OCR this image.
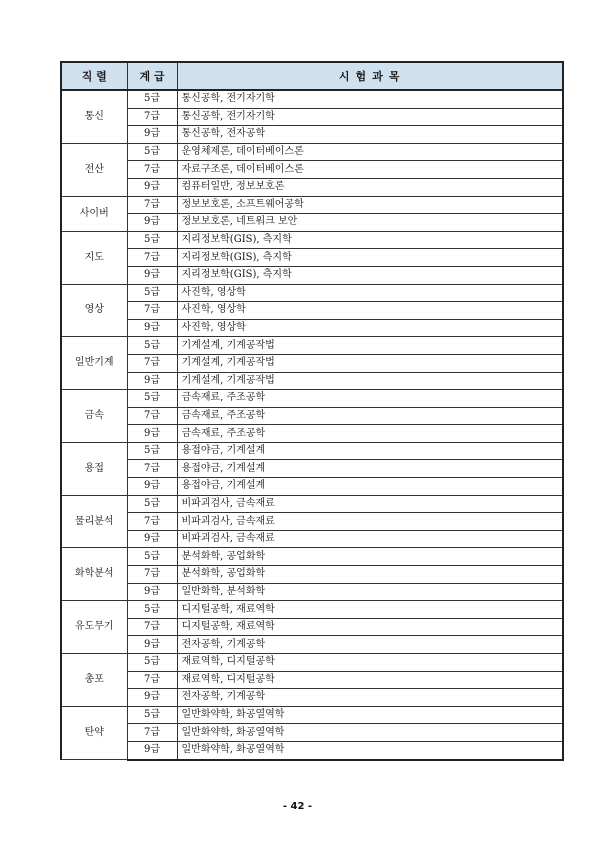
직 렬	계 급	시 험 과 목
통신	5급	통신공학, 전기자기학
	7급	통신공학, 전기자기학
	9급	통신공학, 전자공학
전산	5급	운영체제론, 데이터베이스론
	7급	자료구조론, 데이터베이스론
	9급	컴퓨터일반, 정보보호론
사이버	7급	정보보호론, 소프트웨어공학
	9급	정보보호론, 네트워크 보안
지도	5급	지리정보학(GIS), 측지학
	7급	지리정보학(GIS), 측지학
	9급	지리정보학(GIS), 측지학
영상	5급	사진학, 영상학
	7급	사진학, 영상학
	9급	사진학, 영상학
일반기계	5급	기계설계, 기계공작법
	7급	기계설계, 기계공작법
	9급	기계설계, 기계공작법
금속	5급	금속재료, 주조공학
	7급	금속재료, 주조공학
	9급	금속재료, 주조공학
용접	5급	용접야금, 기계설계
	7급	용접야금, 기계설계
	9급	용접야금, 기계설계
물리분석	5급	비파괴검사, 금속재료
	7급	비파괴검사, 금속재료
	9급	비파괴검사, 금속재료
화학분석	5급	분석화학, 공업화학
	7급	분석화학, 공업화학
	9급	일반화학, 분석화학
유도무기	5급	디지털공학, 재료역학
	7급	디지털공학, 재료역학
	9급	전자공학, 기계공학
총포	5급	재료역학, 디지털공학
	7급	재료역학, 디지털공학
	9급	전자공학, 기계공학
탄약	5급	일반화약학, 화공열역학
	7급	일반화약학, 화공열역학
	9급	일반화약학, 화공열역학
- 42 -
